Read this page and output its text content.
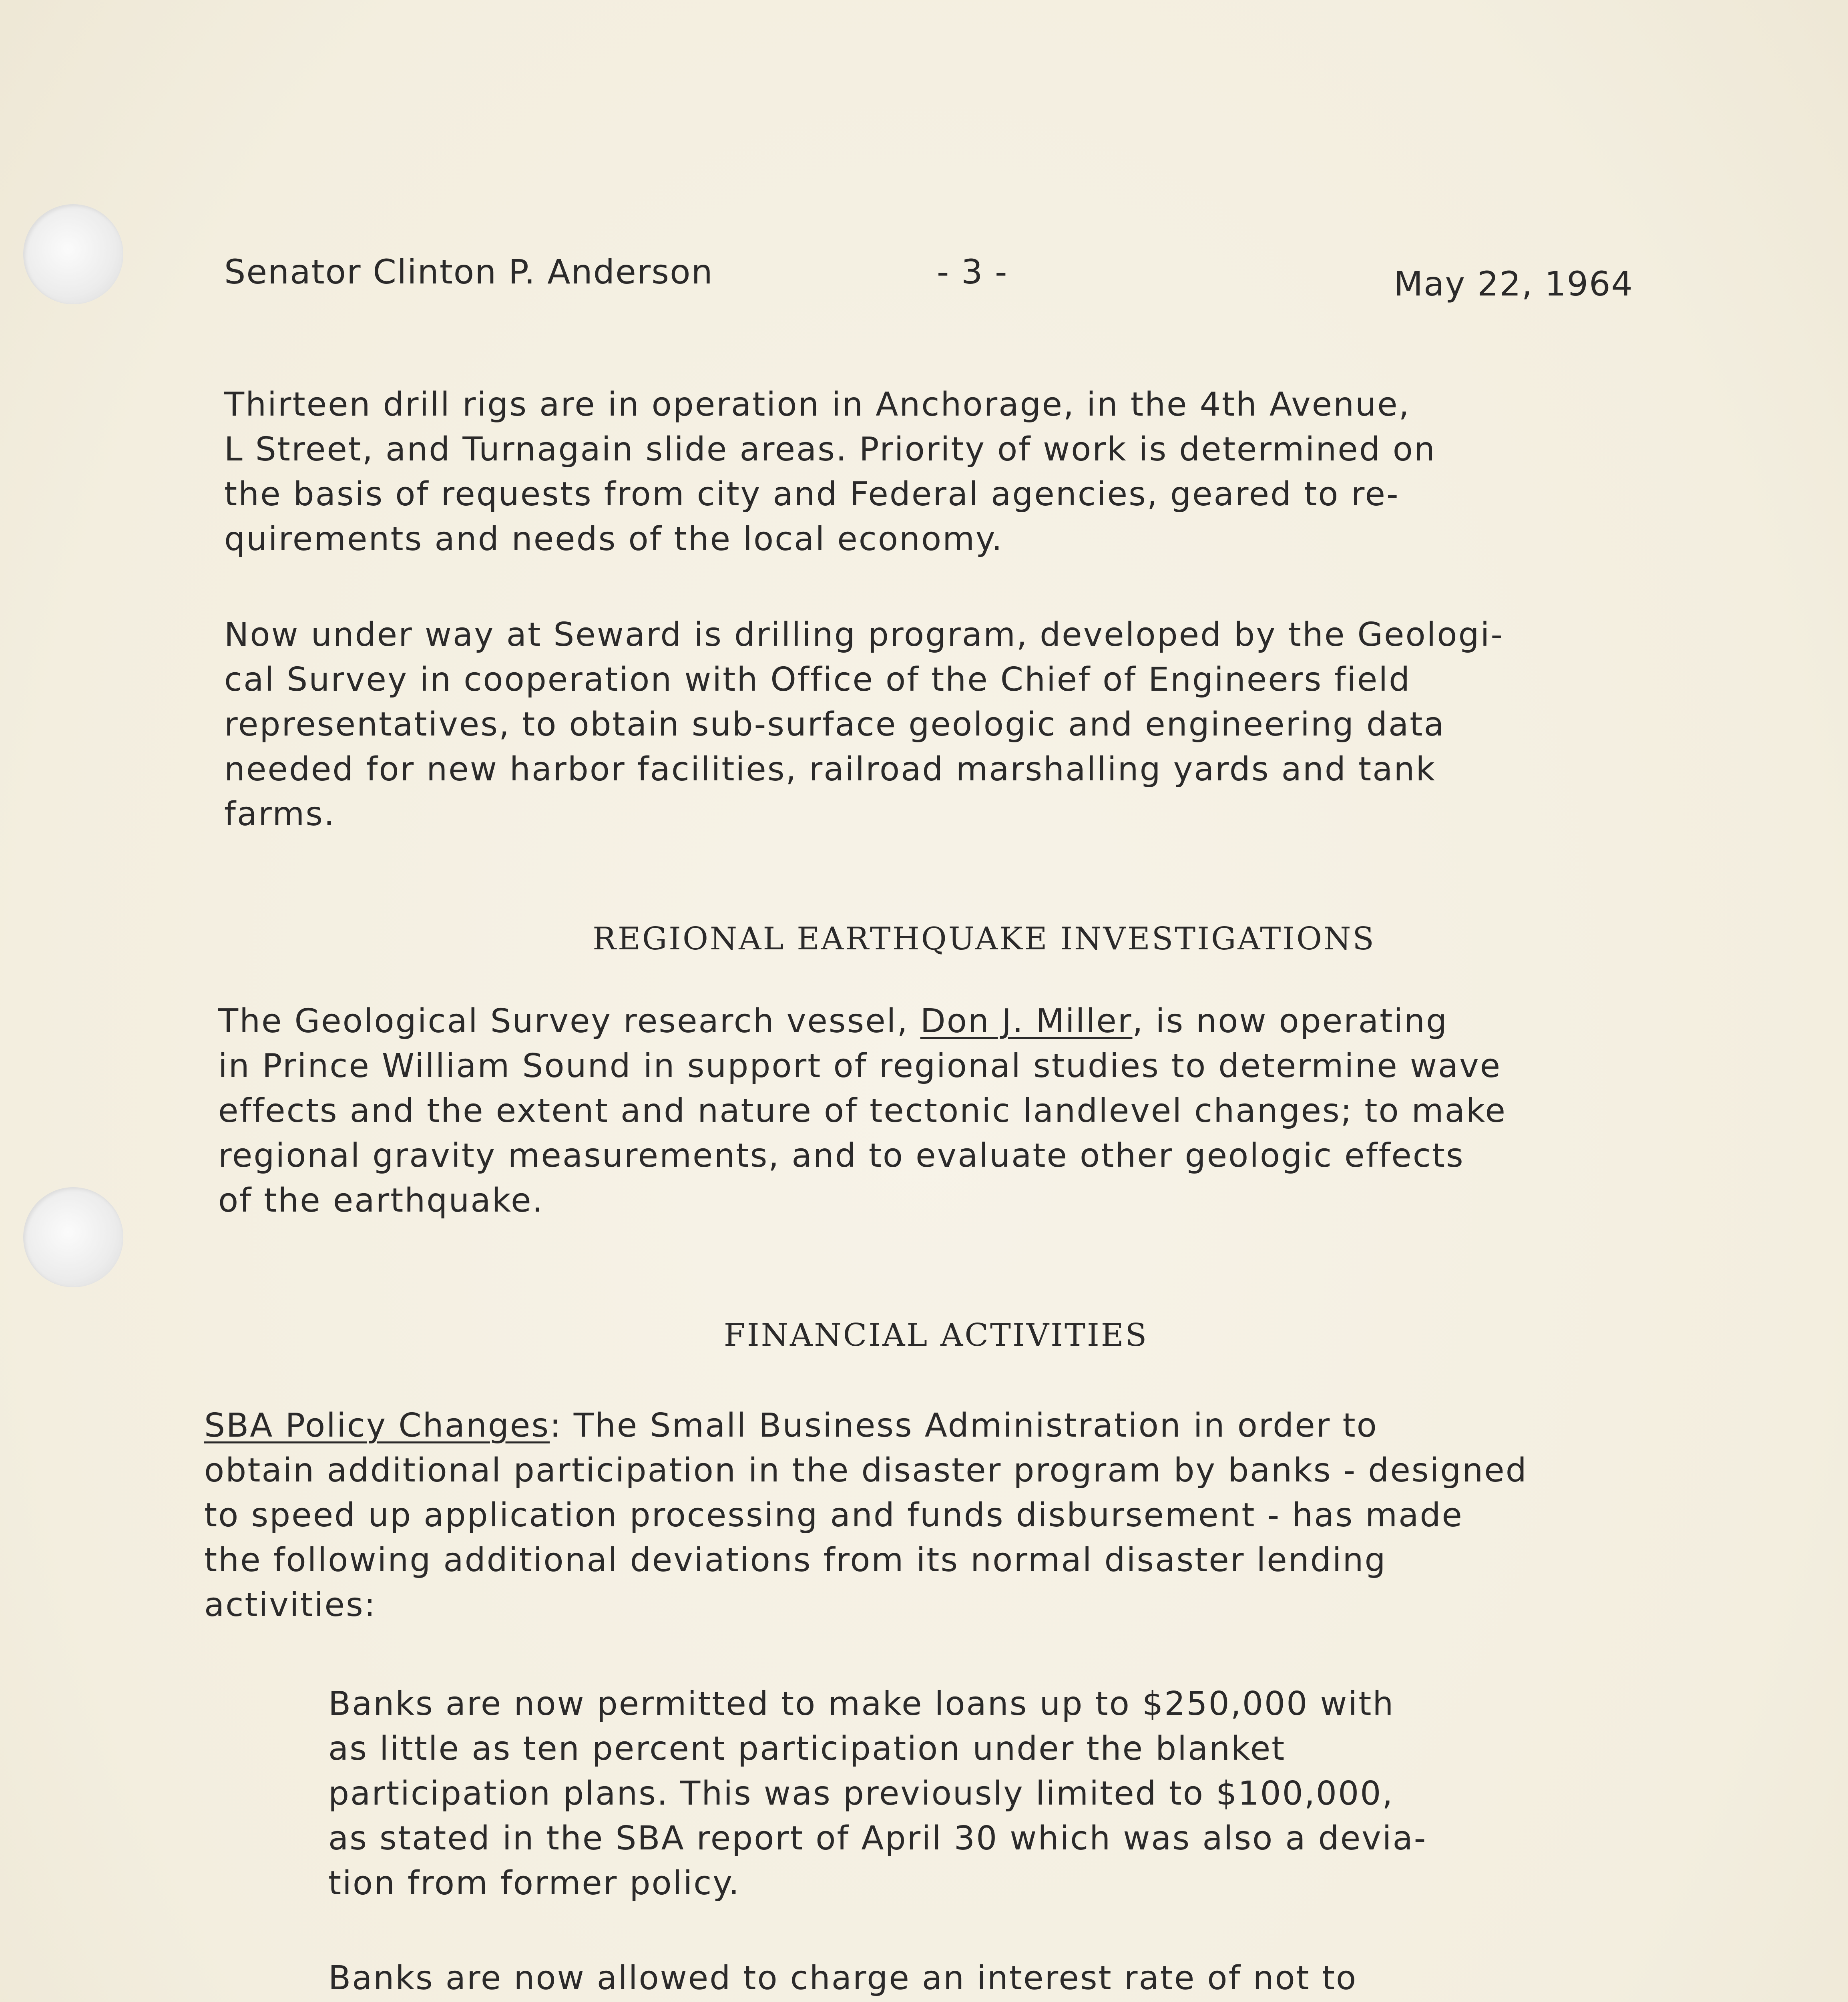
Senator Clinton P. Anderson	- 3 -	May 22, 1964
Thirteen drill rigs are in operation in Anchorage, in the 4th Avenue,
L Street, and Turnagain slide areas. Priority of work is determined on
the basis of requests from city and Federal agencies, geared to re-
quirements and needs of the local economy.
Now under way at Seward is drilling program, developed by the Geologi-
cal Survey in cooperation with Office of the Chief of Engineers field
representatives, to obtain sub-surface geologic and engineering data
needed for new harbor facilities, railroad marshalling yards and tank
farms.
REGIONAL EARTHQUAKE INVESTIGATIONS
The Geological Survey research vessel, Don J. Miller, is now operating
in Prince William Sound in support of regional studies to determine wave
effects and the extent and nature of tectonic landlevel changes; to make
regional gravity measurements, and to evaluate other geologic effects
of the earthquake.
FINANCIAL ACTIVITIES
SBA Policy Changes: The Small Business Administration in order to
obtain additional participation in the disaster program by banks - designed
to speed up application processing and funds disbursement - has made
the following additional deviations from its normal disaster lending
activities:
Banks are now permitted to make loans up to $250,000 with
as little as ten percent participation under the blanket
participation plans. This was previously limited to $100,000,
as stated in the SBA report of April 30 which was also a devia-
tion from former policy.
Banks are now allowed to charge an interest rate of not to
